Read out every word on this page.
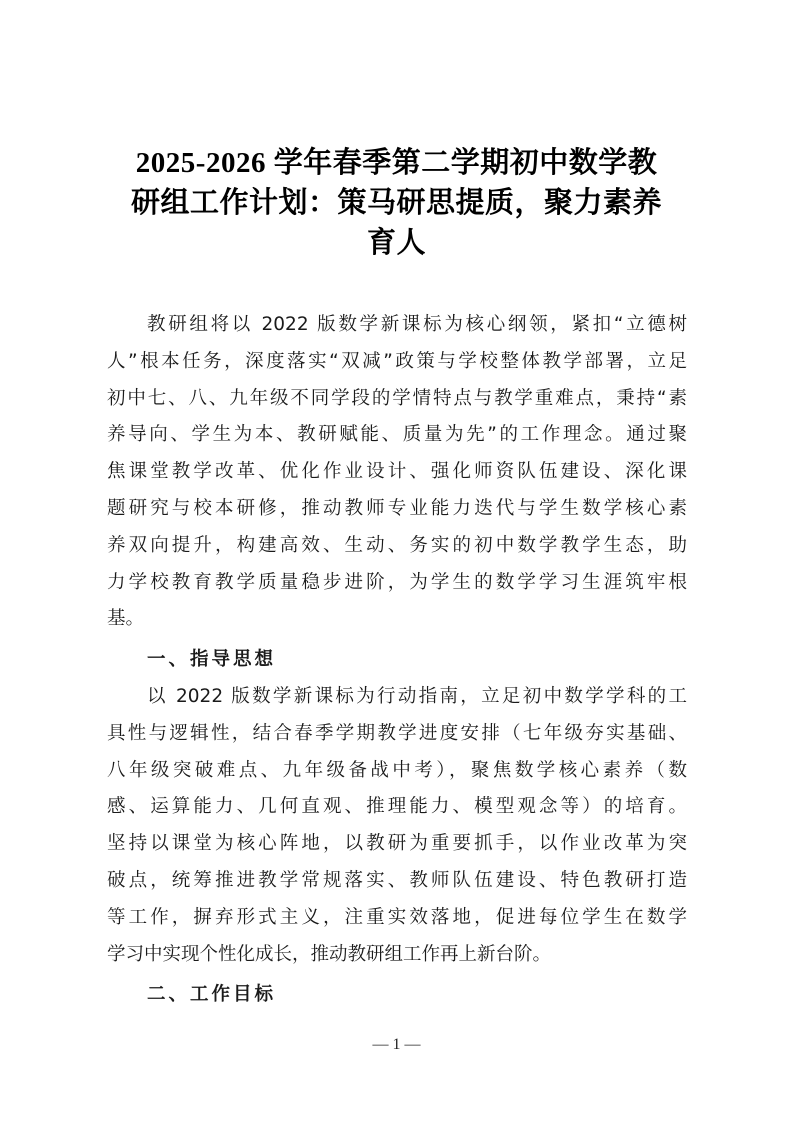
2025-2026 学年春季第二学期初中数学教
研组工作计划：策马研思提质，聚力素养
育人
教研组将以 2022 版数学新课标为核心纲领，紧扣“立德树
人”根本任务，深度落实“双减”政策与学校整体教学部署，立足
初中七、八、九年级不同学段的学情特点与教学重难点，秉持“素
养导向、学生为本、教研赋能、质量为先”的工作理念。通过聚
焦课堂教学改革、优化作业设计、强化师资队伍建设、深化课
题研究与校本研修，推动教师专业能力迭代与学生数学核心素
养双向提升，构建高效、生动、务实的初中数学教学生态，助
力学校教育教学质量稳步进阶，为学生的数学学习生涯筑牢根
基。
一、指导思想
以 2022 版数学新课标为行动指南，立足初中数学学科的工
具性与逻辑性，结合春季学期教学进度安排（七年级夯实基础、
八年级突破难点、九年级备战中考），聚焦数学核心素养（数
感、运算能力、几何直观、推理能力、模型观念等）的培育。
坚持以课堂为核心阵地，以教研为重要抓手，以作业改革为突
破点，统筹推进教学常规落实、教师队伍建设、特色教研打造
等工作，摒弃形式主义，注重实效落地，促进每位学生在数学
学习中实现个性化成长，推动教研组工作再上新台阶。
二、工作目标
— 1 —
